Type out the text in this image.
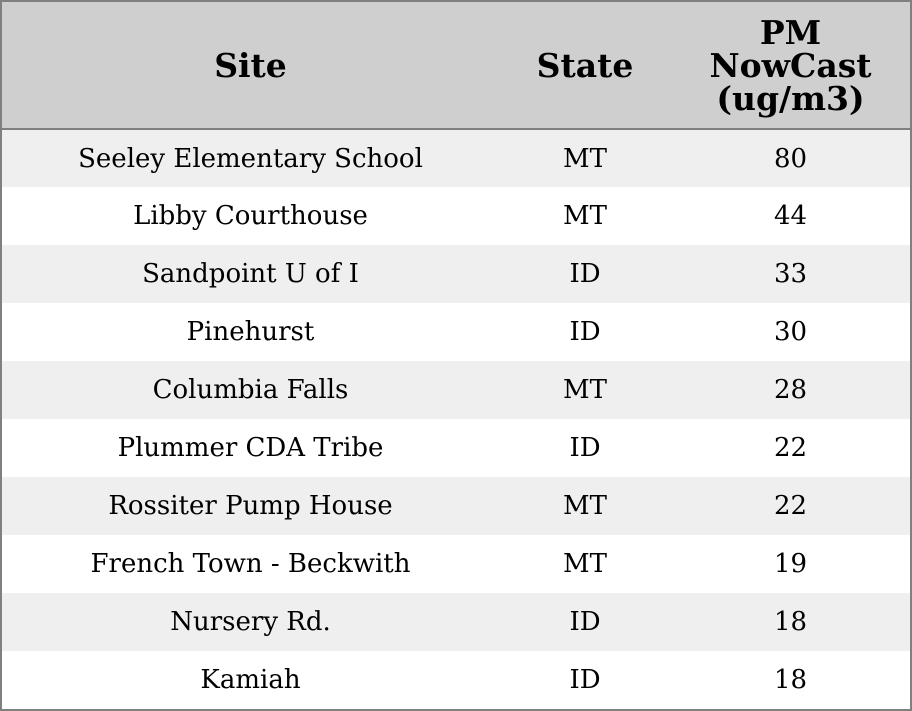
Site	State	PM
NowCast
(ug/m3)

Seeley Elementary School	MT	80
Libby Courthouse	MT	44
Sandpoint U of I	ID	33
Pinehurst	ID	30
Columbia Falls	MT	28
Plummer CDA Tribe	ID	22
Rossiter Pump House	MT	22
French Town - Beckwith	MT	19
Nursery Rd.	ID	18
Kamiah	ID	18
